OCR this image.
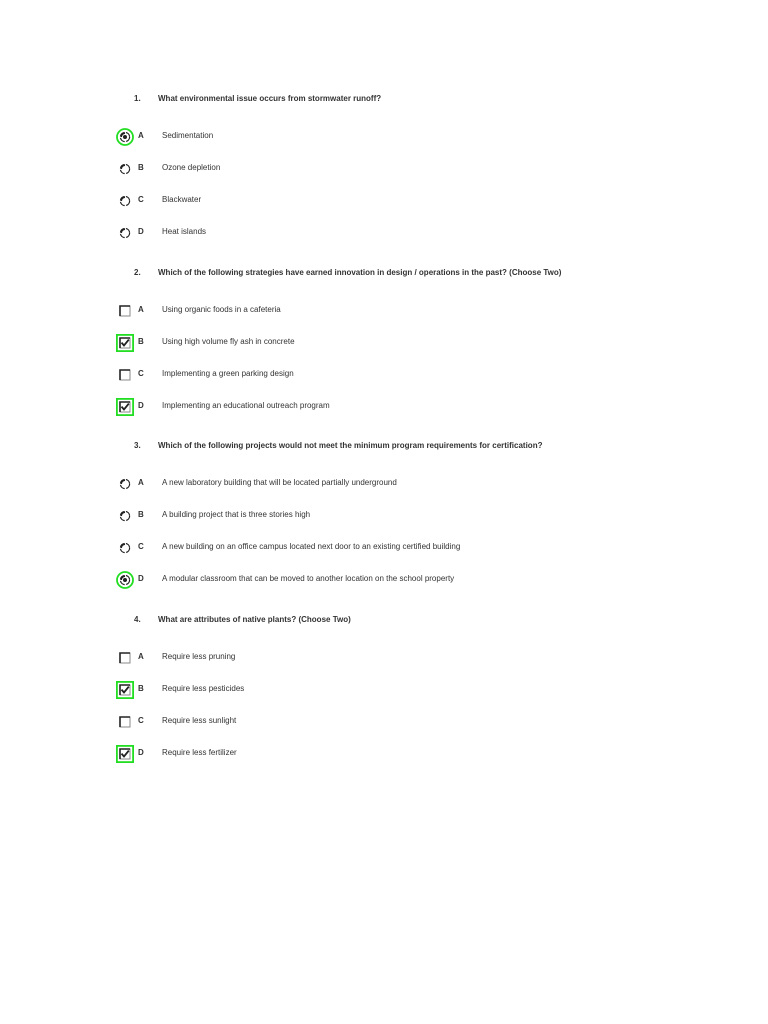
1. What environmental issue occurs from stormwater runoff?
A Sedimentation
B Ozone depletion
C Blackwater
D Heat islands
2. Which of the following strategies have earned innovation in design / operations in the past? (Choose Two)
A Using organic foods in a cafeteria
B Using high volume fly ash in concrete
C Implementing a green parking design
D Implementing an educational outreach program
3. Which of the following projects would not meet the minimum program requirements for certification?
A A new laboratory building that will be located partially underground
B A building project that is three stories high
C A new building on an office campus located next door to an existing certified building
D A modular classroom that can be moved to another location on the school property
4. What are attributes of native plants? (Choose Two)
A Require less pruning
B Require less pesticides
C Require less sunlight
D Require less fertilizer
